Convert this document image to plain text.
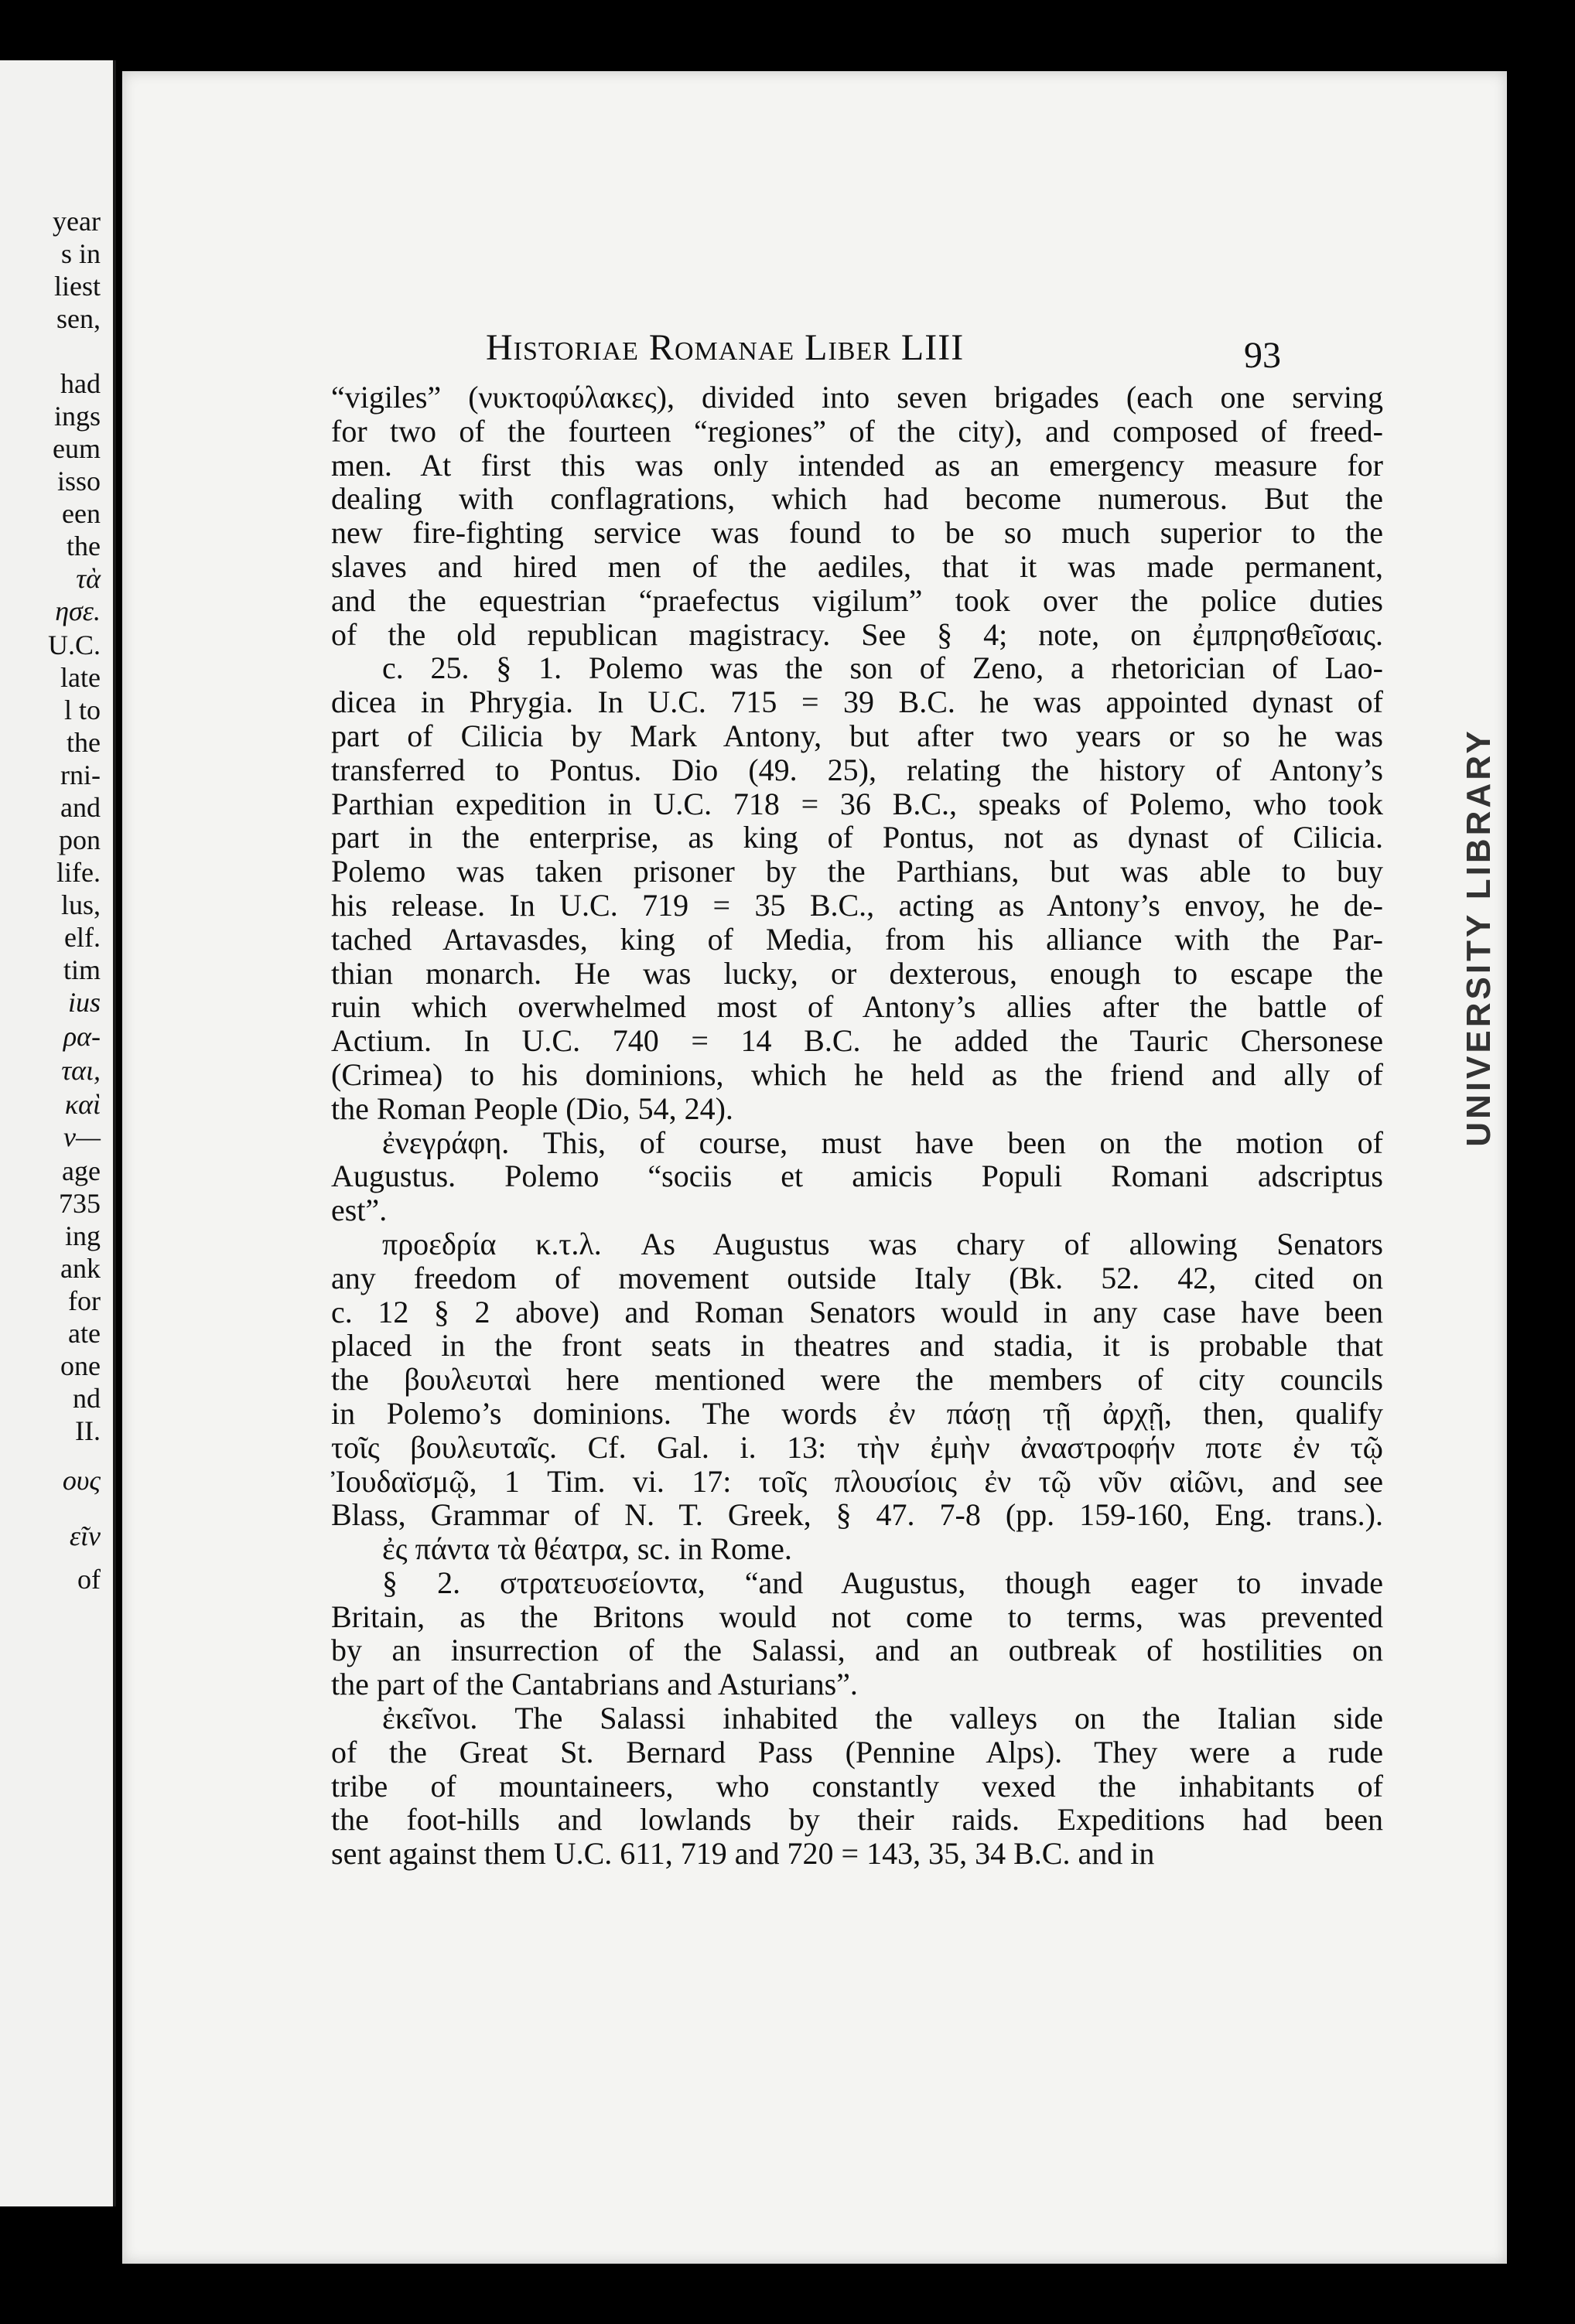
year
s in
liest
sen,
had
ings
eum
isso
een
the
τὰ
ησε.
U.C.
late
l to
the
rni-
and
pon
life.
lus,
elf.
tim
ius
ρα-
ται,
καὶ
ν—
age
735
ing
ank
for
ate
one
nd
II.
ους
εῖν
of
UNIVERSITY LIBRARY
Historiae Romanae Liber LIII	93
“vigiles” (νυκτοφύλακες), divided into seven brigades (each one serving
for two of the fourteen “regiones” of the city), and composed of freed-
men. At first this was only intended as an emergency measure for
dealing with conflagrations, which had become numerous. But the
new fire-fighting service was found to be so much superior to the
slaves and hired men of the aediles, that it was made permanent,
and the equestrian “praefectus vigilum” took over the police duties
of the old republican magistracy. See § 4; note, on ἐμπρησθεῖσαις.
c. 25. § 1. Polemo was the son of Zeno, a rhetorician of Lao-
dicea in Phrygia. In U.C. 715 = 39 B.C. he was appointed dynast of
part of Cilicia by Mark Antony, but after two years or so he was
transferred to Pontus. Dio (49. 25), relating the history of Antony’s
Parthian expedition in U.C. 718 = 36 B.C., speaks of Polemo, who took
part in the enterprise, as king of Pontus, not as dynast of Cilicia.
Polemo was taken prisoner by the Parthians, but was able to buy
his release. In U.C. 719 = 35 B.C., acting as Antony’s envoy, he de-
tached Artavasdes, king of Media, from his alliance with the Par-
thian monarch. He was lucky, or dexterous, enough to escape the
ruin which overwhelmed most of Antony’s allies after the battle of
Actium. In U.C. 740 = 14 B.C. he added the Tauric Chersonese
(Crimea) to his dominions, which he held as the friend and ally of
the Roman People (Dio, 54, 24).
ἐνεγράφη. This, of course, must have been on the motion of
Augustus. Polemo “sociis et amicis Populi Romani adscriptus
est”.
προεδρία κ.τ.λ. As Augustus was chary of allowing Senators
any freedom of movement outside Italy (Bk. 52. 42, cited on
c. 12 § 2 above) and Roman Senators would in any case have been
placed in the front seats in theatres and stadia, it is probable that
the βουλευταὶ here mentioned were the members of city councils
in Polemo’s dominions. The words ἐν πάσῃ τῇ ἀρχῇ, then, qualify
τοῖς βουλευταῖς. Cf. Gal. i. 13: τὴν ἐμὴν ἀναστροφήν ποτε ἐν τῷ
Ἰουδαϊσμῷ, 1 Tim. vi. 17: τοῖς πλουσίοις ἐν τῷ νῦν αἰῶνι, and see
Blass, Grammar of N. T. Greek, § 47. 7-8 (pp. 159-160, Eng. trans.).
ἐς πάντα τὰ θέατρα, sc. in Rome.
§ 2. στρατευσείοντα, “and Augustus, though eager to invade
Britain, as the Britons would not come to terms, was prevented
by an insurrection of the Salassi, and an outbreak of hostilities on
the part of the Cantabrians and Asturians”.
ἐκεῖνοι. The Salassi inhabited the valleys on the Italian side
of the Great St. Bernard Pass (Pennine Alps). They were a rude
tribe of mountaineers, who constantly vexed the inhabitants of
the foot-hills and lowlands by their raids. Expeditions had been
sent against them U.C. 611, 719 and 720 = 143, 35, 34 B.C. and in
